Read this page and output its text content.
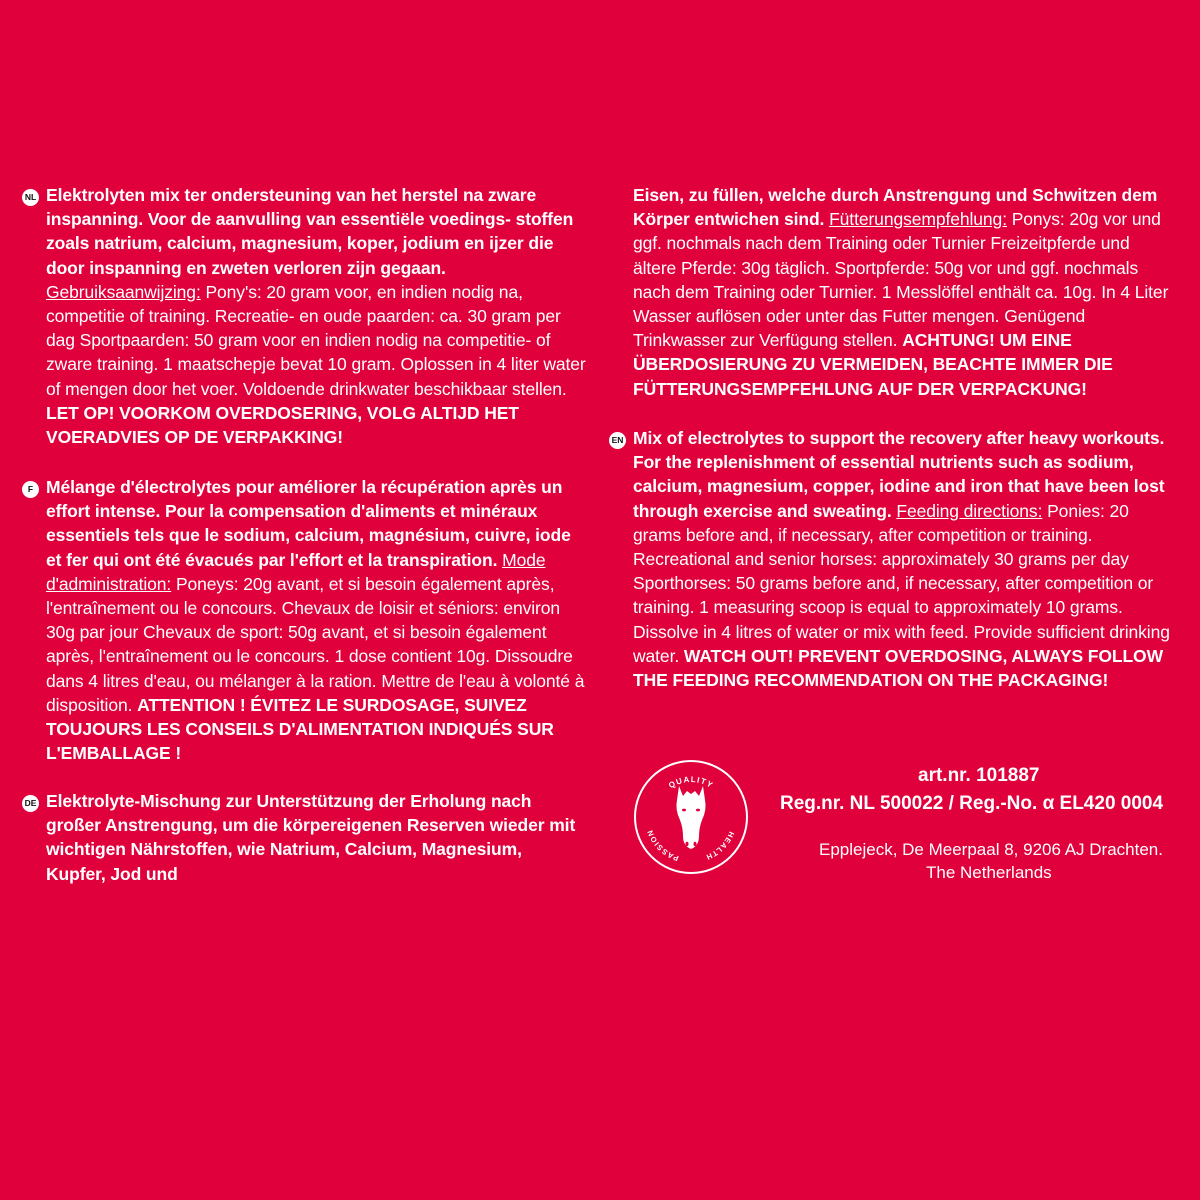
NL Elektrolyten mix ter ondersteuning van het herstel na zware inspanning. Voor de aanvulling van essentiële voedings- stoffen zoals natrium, calcium, magnesium, koper, jodium en ijzer die door inspanning en zweten verloren zijn gegaan. Gebruiksaanwijzing: Pony's: 20 gram voor, en indien nodig na, competitie of training. Recreatie- en oude paarden: ca. 30 gram per dag Sportpaarden: 50 gram voor en indien nodig na competitie- of zware training. 1 maatschepje bevat 10 gram. Oplossen in 4 liter water of mengen door het voer. Voldoende drinkwater beschikbaar stellen. LET OP! VOORKOM OVERDOSERING, VOLG ALTIJD HET VOERADVIES OP DE VERPAKKING!

F Mélange d'électrolytes pour améliorer la récupération après un effort intense. Pour la compensation d'aliments et minéraux essentiels tels que le sodium, calcium, magnésium, cuivre, iode et fer qui ont été évacués par l'effort et la transpiration. Mode d'administration: Poneys: 20g avant, et si besoin également après, l'entraînement ou le concours. Chevaux de loisir et séniors: environ 30g par jour Chevaux de sport: 50g avant, et si besoin également après, l'entraînement ou le concours. 1 dose contient 10g. Dissoudre dans 4 litres d'eau, ou mélanger à la ration. Mettre de l'eau à volonté à disposition. ATTENTION ! ÉVITEZ LE SURDOSAGE, SUIVEZ TOUJOURS LES CONSEILS D'ALIMENTATION INDIQUÉS SUR L'EMBALLAGE !

DE Elektrolyte-Mischung zur Unterstützung der Erholung nach großer Anstrengung, um die körpereigenen Reserven wieder mit wichtigen Nährstoffen, wie Natrium, Calcium, Magnesium, Kupfer, Jod und

Eisen, zu füllen, welche durch Anstrengung und Schwitzen dem Körper entwichen sind. Fütterungsempfehlung: Ponys: 20g vor und ggf. nochmals nach dem Training oder Turnier Freizeitpferde und ältere Pferde: 30g täglich. Sportpferde: 50g vor und ggf. nochmals nach dem Training oder Turnier. 1 Messlöffel enthält ca. 10g. In 4 Liter Wasser auflösen oder unter das Futter mengen. Genügend Trinkwasser zur Verfügung stellen. ACHTUNG! UM EINE ÜBERDOSIERUNG ZU VERMEIDEN, BEACHTE IMMER DIE FÜTTERUNGSEMPFEHLUNG AUF DER VERPACKUNG!

EN Mix of electrolytes to support the recovery after heavy workouts. For the replenishment of essential nutrients such as sodium, calcium, magnesium, copper, iodine and iron that have been lost through exercise and sweating. Feeding directions: Ponies: 20 grams before and, if necessary, after competition or training. Recreational and senior horses: approximately 30 grams per day Sporthorses: 50 grams before and, if necessary, after competition or training. 1 measuring scoop is equal to approximately 10 grams. Dissolve in 4 litres of water or mix with feed. Provide sufficient drinking water. WATCH OUT! PREVENT OVERDOSING, ALWAYS FOLLOW THE FEEDING RECOMMENDATION ON THE PACKAGING!

QUALITY
PASSION	HEALTH
art.nr. 101887
Reg.nr. NL 500022 / Reg.-No. α EL420 0004
Epplejeck, De Meerpaal 8, 9206 AJ Drachten.
The Netherlands
